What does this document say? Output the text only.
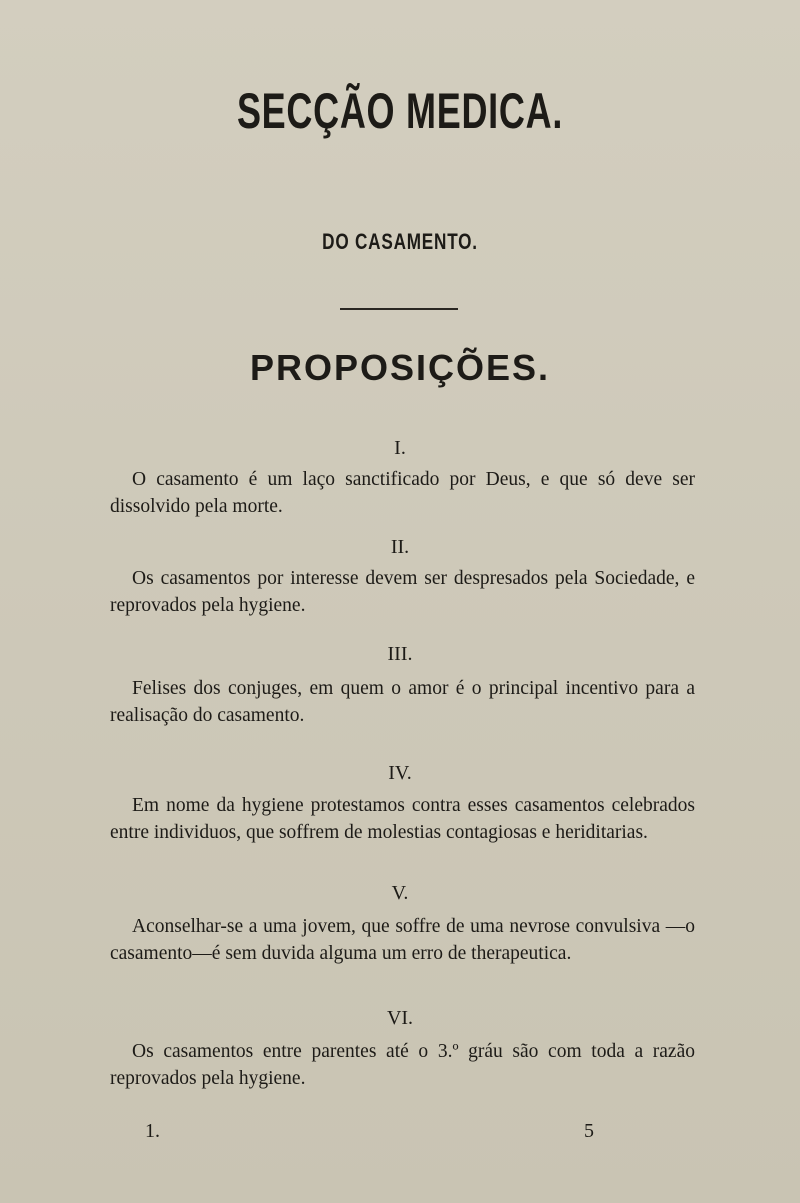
SECÇÃO MEDICA.
DO CASAMENTO.
PROPOSIÇÕES.
I.

O casamento é um laço sanctificado por Deus, e que só deve ser dissolvido pela morte.

II.

Os casamentos por interesse devem ser despresados pela Sociedade, e reprovados pela hygiene.

III.

Felises dos conjuges, em quem o amor é o principal incentivo para a realisação do casamento.

IV.

Em nome da hygiene protestamos contra esses casamentos celebrados entre individuos, que soffrem de molestias contagiosas e heriditarias.

V.

Aconselhar-se a uma jovem, que soffre de uma nevrose convulsiva —o casamento—é sem duvida alguma um erro de therapeutica.

VI.

Os casamentos entre parentes até o 3.º gráu são com toda a razão reprovados pela hygiene.

1.	5
